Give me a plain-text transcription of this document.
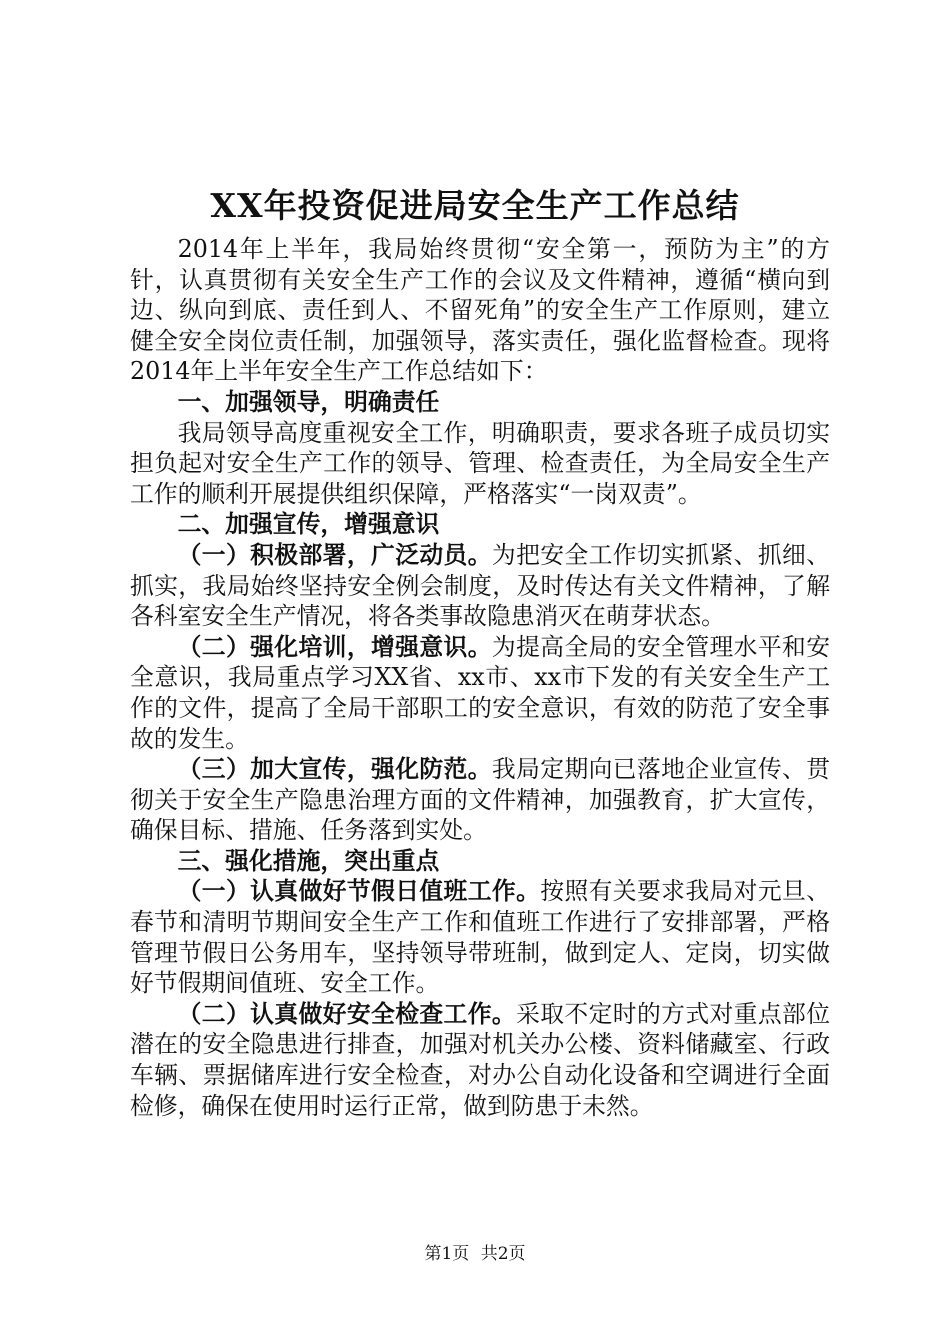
XX年投资促进局安全生产工作总结

2014年上半年，我局始终贯彻“安全第一，预防为主”的方针，认真贯彻有关安全生产工作的会议及文件精神，遵循“横向到边、纵向到底、责任到人、不留死角”的安全生产工作原则，建立健全安全岗位责任制，加强领导，落实责任，强化监督检查。现将2014年上半年安全生产工作总结如下：

一、加强领导，明确责任

我局领导高度重视安全工作，明确职责，要求各班子成员切实担负起对安全生产工作的领导、管理、检查责任，为全局安全生产工作的顺利开展提供组织保障，严格落实“一岗双责”。

二、加强宣传，增强意识

（一）积极部署，广泛动员。为把安全工作切实抓紧、抓细、抓实，我局始终坚持安全例会制度，及时传达有关文件精神，了解各科室安全生产情况，将各类事故隐患消灭在萌芽状态。

（二）强化培训，增强意识。为提高全局的安全管理水平和安全意识，我局重点学习XX省、xx市、xx市下发的有关安全生产工作的文件，提高了全局干部职工的安全意识，有效的防范了安全事故的发生。

（三）加大宣传，强化防范。我局定期向已落地企业宣传、贯彻关于安全生产隐患治理方面的文件精神，加强教育，扩大宣传，确保目标、措施、任务落到实处。

三、强化措施，突出重点

（一）认真做好节假日值班工作。按照有关要求我局对元旦、春节和清明节期间安全生产工作和值班工作进行了安排部署，严格管理节假日公务用车，坚持领导带班制，做到定人、定岗，切实做好节假期间值班、安全工作。

（二）认真做好安全检查工作。采取不定时的方式对重点部位潜在的安全隐患进行排查，加强对机关办公楼、资料储藏室、行政车辆、票据储库进行安全检查，对办公自动化设备和空调进行全面检修，确保在使用时运行正常，做到防患于未然。

第1页 共2页
